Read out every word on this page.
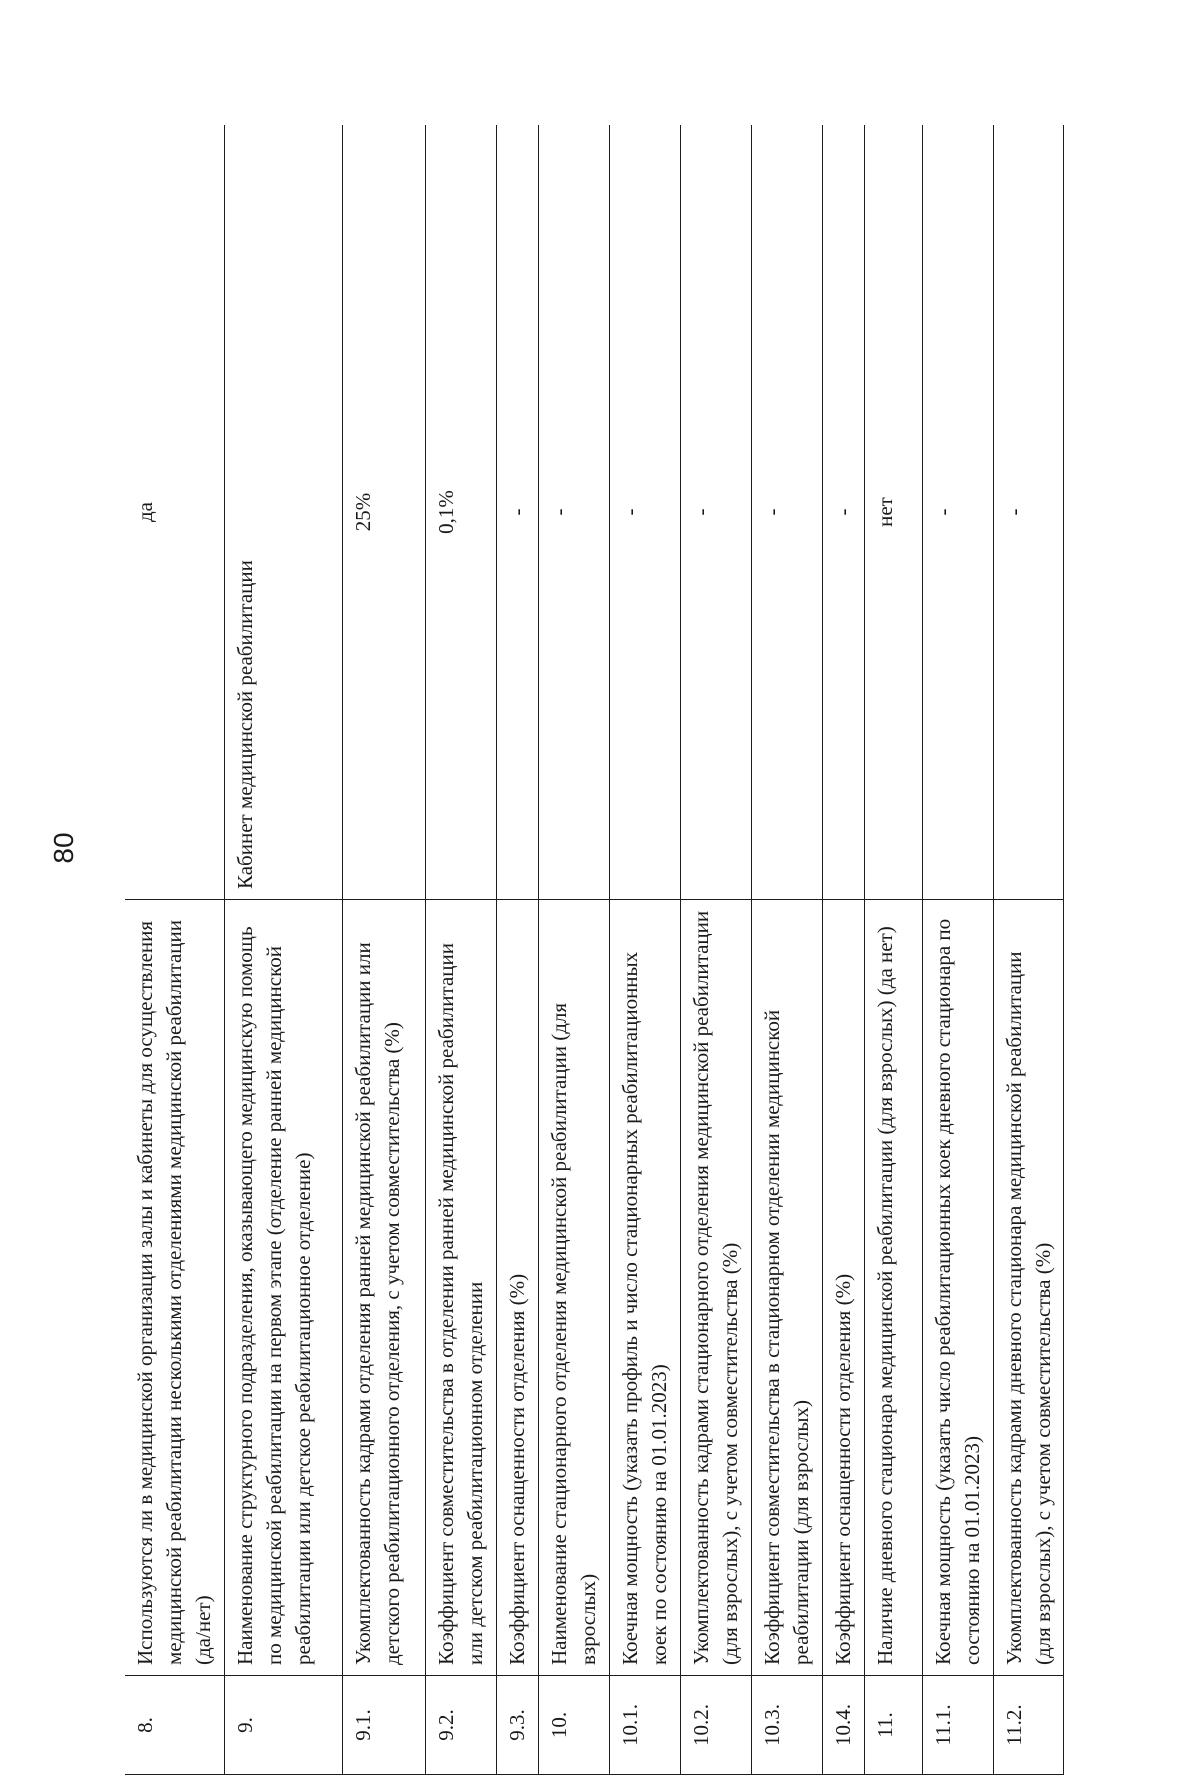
80
8.	Используются ли в медицинской организации залы и кабинеты для осуществления медицинской реабилитации несколькими отделениями медицинской реабилитации (да/нет)	да
9.	Наименование структурного подразделения, оказывающего медицинскую помощь по медицинской реабилитации на первом этапе (отделение ранней медицинской реабилитации или детское реабилитационное отделение)	Кабинет медицинской реабилитации
9.1.	Укомплектованность кадрами отделения ранней медицинской реабилитации или детского реабилитационного отделения, с учетом совместительства (%)	25%
9.2.	Коэффициент совместительства в отделении ранней медицинской реабилитации или детском реабилитационном отделении	0,1%
9.3.	Коэффициент оснащенности отделения (%)	-
10.	Наименование стационарного отделения медицинской реабилитации (для взрослых)	-
10.1.	Коечная мощность (указать профиль и число стационарных реабилитационных коек по состоянию на 01.01.2023)	-
10.2.	Укомплектованность кадрами стационарного отделения медицинской реабилитации (для взрослых), с учетом совместительства (%)	-
10.3.	Коэффициент совместительства в стационарном отделении медицинской реабилитации (для взрослых)	-
10.4.	Коэффициент оснащенности отделения (%)	-
11.	Наличие дневного стационара медицинской реабилитации (для взрослых) (да нет)	нет
11.1.	Коечная мощность (указать число реабилитационных коек дневного стационара по состоянию на 01.01.2023)	-
11.2.	Укомплектованность кадрами дневного стационара медицинской реабилитации (для взрослых), с учетом совместительства (%)	-
